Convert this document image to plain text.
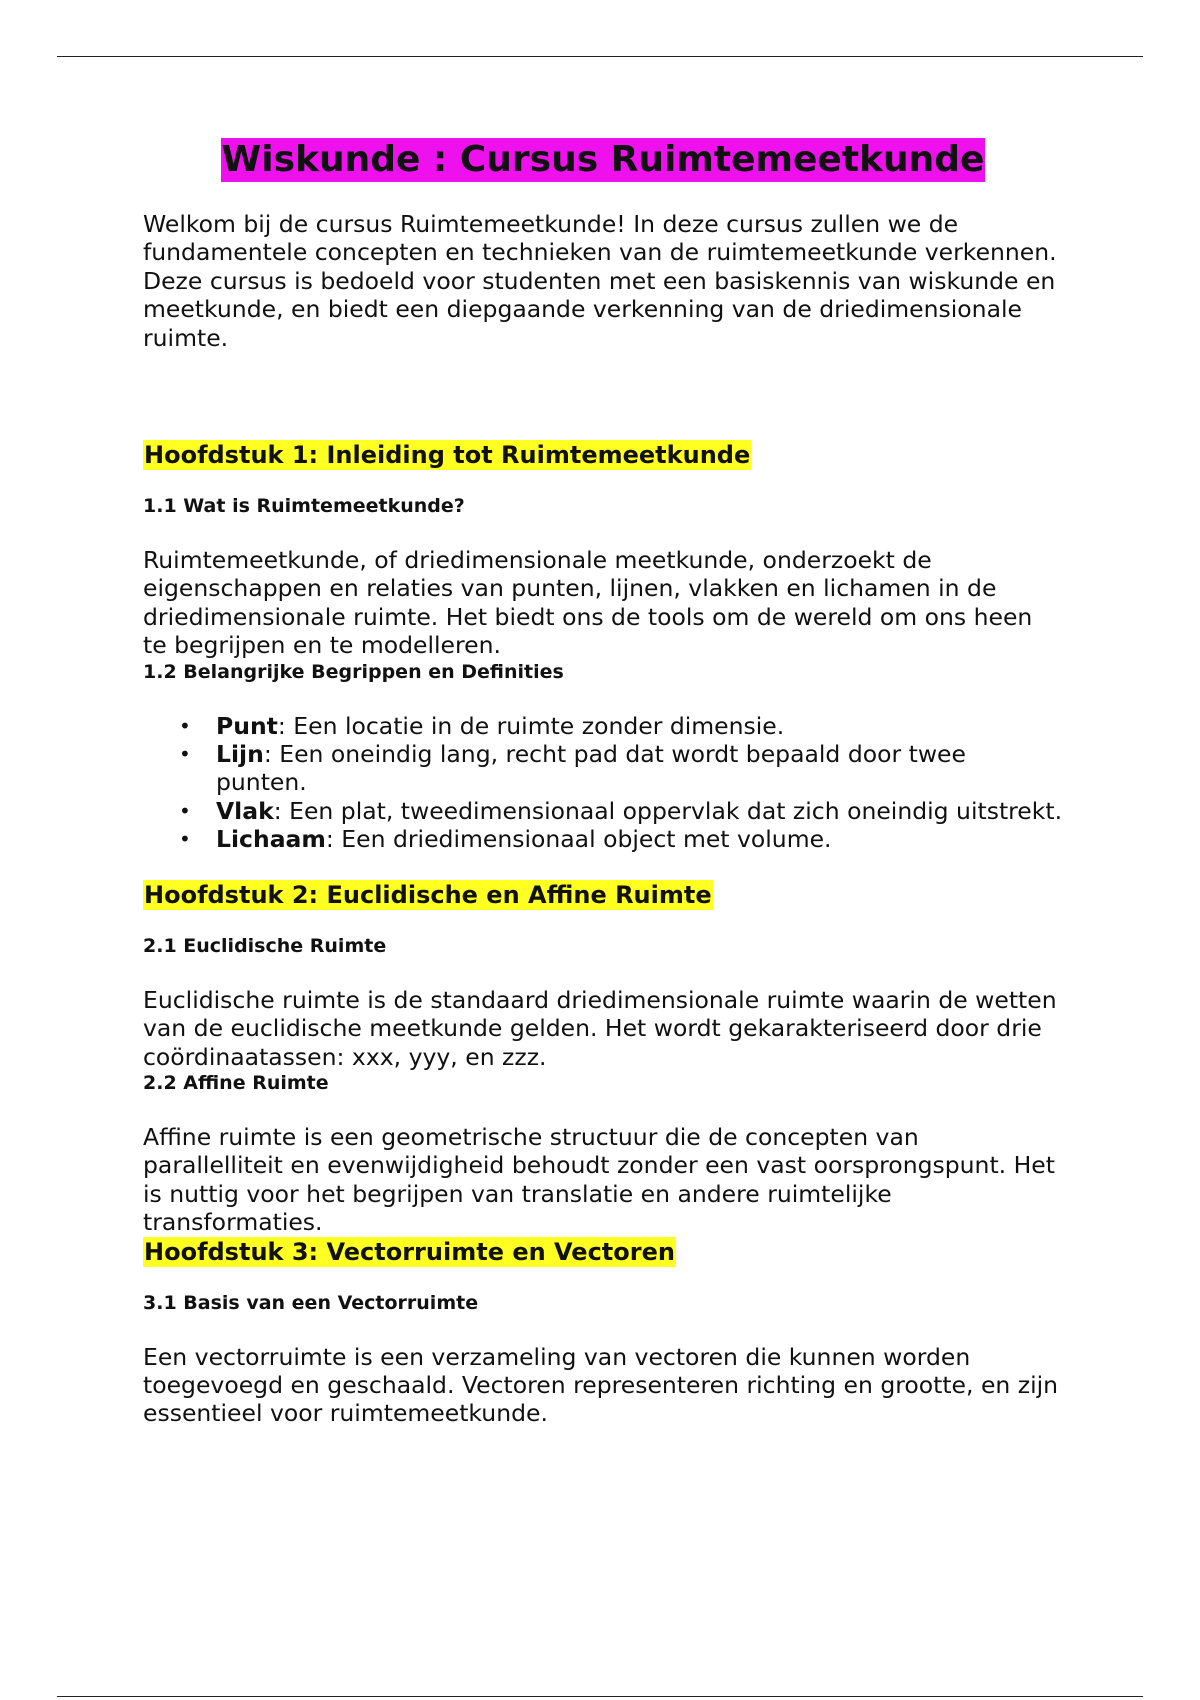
Wiskunde : Cursus Ruimtemeetkunde

Welkom bij de cursus Ruimtemeetkunde! In deze cursus zullen we de fundamentele concepten en technieken van de ruimtemeetkunde verkennen. Deze cursus is bedoeld voor studenten met een basiskennis van wiskunde en meetkunde, en biedt een diepgaande verkenning van de driedimensionale ruimte.

Hoofdstuk 1: Inleiding tot Ruimtemeetkunde
1.1 Wat is Ruimtemeetkunde?

Ruimtemeetkunde, of driedimensionale meetkunde, onderzoekt de eigenschappen en relaties van punten, lijnen, vlakken en lichamen in de driedimensionale ruimte. Het biedt ons de tools om de wereld om ons heen te begrijpen en te modelleren.

1.2 Belangrijke Begrippen en Definities
• Punt: Een locatie in de ruimte zonder dimensie.
• Lijn: Een oneindig lang, recht pad dat wordt bepaald door twee punten.
• Vlak: Een plat, tweedimensionaal oppervlak dat zich oneindig uitstrekt.
• Lichaam: Een driedimensionaal object met volume.
Hoofdstuk 2: Euclidische en Affine Ruimte
2.1 Euclidische Ruimte

Euclidische ruimte is de standaard driedimensionale ruimte waarin de wetten van de euclidische meetkunde gelden. Het wordt gekarakteriseerd door drie coördinaatassen: xxx, yyy, en zzz.

2.2 Affine Ruimte

Affine ruimte is een geometrische structuur die de concepten van parallelliteit en evenwijdigheid behoudt zonder een vast oorsprongspunt. Het is nuttig voor het begrijpen van translatie en andere ruimtelijke transformaties.

Hoofdstuk 3: Vectorruimte en Vectoren
3.1 Basis van een Vectorruimte

Een vectorruimte is een verzameling van vectoren die kunnen worden toegevoegd en geschaald. Vectoren representeren richting en grootte, en zijn essentieel voor ruimtemeetkunde.
